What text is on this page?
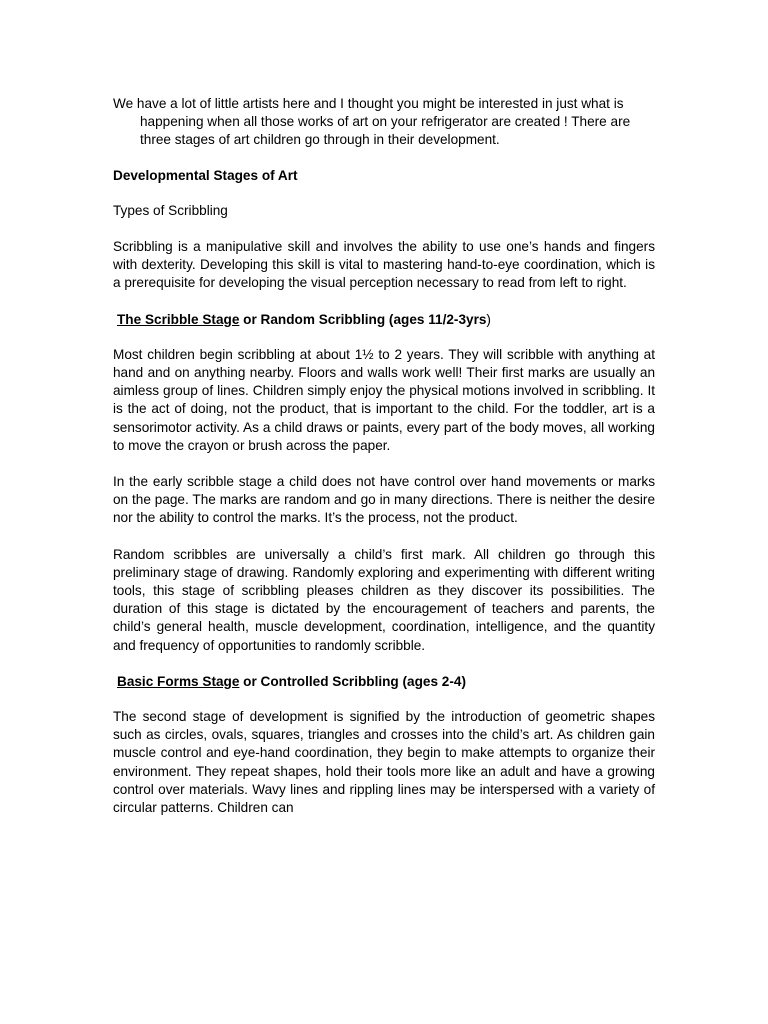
We have a lot of little artists here and I thought you might be interested in just what is happening when all those works of art on your refrigerator are created ! There are three stages of art children go through in their development.

Developmental Stages of Art

Types of Scribbling

Scribbling is a manipulative skill and involves the ability to use one’s hands and fingers with dexterity. Developing this skill is vital to mastering hand-to-eye coordination, which is a prerequisite for developing the visual perception necessary to read from left to right.

The Scribble Stage or Random Scribbling (ages 11/2-3yrs)

Most children begin scribbling at about 1½ to 2 years. They will scribble with anything at hand and on anything nearby. Floors and walls work well! Their first marks are usually an aimless group of lines. Children simply enjoy the physical motions involved in scribbling. It is the act of doing, not the product, that is important to the child. For the toddler, art is a sensorimotor activity. As a child draws or paints, every part of the body moves, all working to move the crayon or brush across the paper.

In the early scribble stage a child does not have control over hand movements or marks on the page. The marks are random and go in many directions. There is neither the desire nor the ability to control the marks. It’s the process, not the product.

Random scribbles are universally a child’s first mark. All children go through this preliminary stage of drawing. Randomly exploring and experimenting with different writing tools, this stage of scribbling pleases children as they discover its possibilities. The duration of this stage is dictated by the encouragement of teachers and parents, the child’s general health, muscle development, coordination, intelligence, and the quantity and frequency of opportunities to randomly scribble.

Basic Forms Stage or Controlled Scribbling (ages 2-4)

The second stage of development is signified by the introduction of geometric shapes such as circles, ovals, squares, triangles and crosses into the child’s art. As children gain muscle control and eye-hand coordination, they begin to make attempts to organize their environment. They repeat shapes, hold their tools more like an adult and have a growing control over materials. Wavy lines and rippling lines may be interspersed with a variety of circular patterns. Children can
